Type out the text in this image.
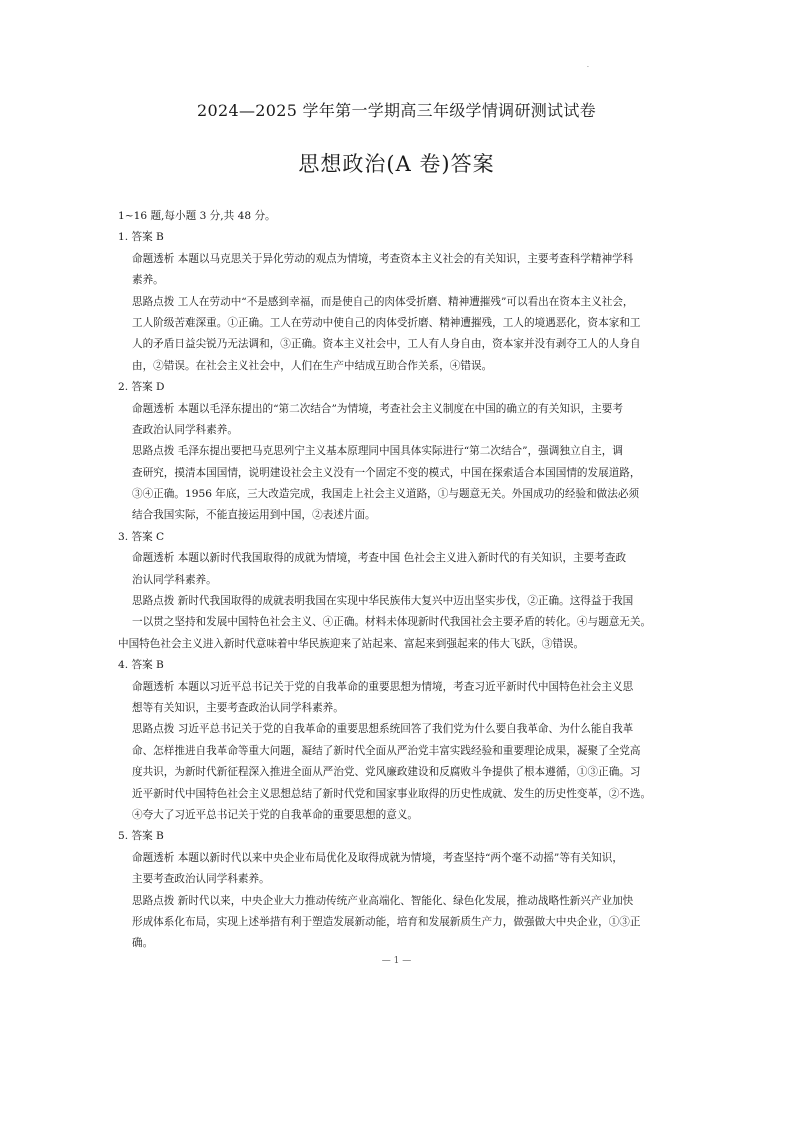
·
2024—2025 学年第一学期高三年级学情调研测试试卷
思想政治(A 卷)答案
1~16 题,每小题 3 分,共 48 分。
1. 答案 B
命题透析 本题以马克思关于异化劳动的观点为情境，考查资本主义社会的有关知识，主要考查科学精神学科
素养。
思路点拨 工人在劳动中“不是感到幸福，而是使自己的肉体受折磨、精神遭摧残”可以看出在资本主义社会，
工人阶级苦难深重。①正确。工人在劳动中使自己的肉体受折磨、精神遭摧残，工人的境遇恶化，资本家和工
人的矛盾日益尖锐乃无法调和，③正确。资本主义社会中，工人有人身自由，资本家并没有剥夺工人的人身自
由，②错误。在社会主义社会中，人们在生产中结成互助合作关系，④错误。
2. 答案 D
命题透析 本题以毛泽东提出的“第二次结合”为情境，考查社会主义制度在中国的确立的有关知识，主要考
查政治认同学科素养。
思路点拨 毛泽东提出要把马克思列宁主义基本原理同中国具体实际进行“第二次结合”，强调独立自主，调
查研究，摸清本国国情，说明建设社会主义没有一个固定不变的模式，中国在探索适合本国国情的发展道路，
③④正确。1956 年底，三大改造完成，我国走上社会主义道路，①与题意无关。外国成功的经验和做法必须
结合我国实际，不能直接运用到中国，②表述片面。
3. 答案 C
命题透析 本题以新时代我国取得的成就为情境，考查中国 色社会主义进入新时代的有关知识，主要考查政
治认同学科素养。
思路点拨 新时代我国取得的成就表明我国在实现中华民族伟大复兴中迈出坚实步伐，②正确。这得益于我国
一以贯之坚持和发展中国特色社会主义、④正确。材料未体现新时代我国社会主要矛盾的转化。④与题意无关。
中国特色社会主义进入新时代意味着中华民族迎来了站起来、富起来到强起来的伟大飞跃，③错误。
4. 答案 B
命题透析 本题以习近平总书记关于党的自我革命的重要思想为情境，考查习近平新时代中国特色社会主义思
想等有关知识，主要考查政治认同学科素养。
思路点拨 习近平总书记关于党的自我革命的重要思想系统回答了我们党为什么要自我革命、为什么能自我革
命、怎样推进自我革命等重大问题，凝结了新时代全面从严治党丰富实践经验和重要理论成果，凝聚了全党高
度共识，为新时代新征程深入推进全面从严治党、党风廉政建设和反腐败斗争提供了根本遵循，①③正确。习
近平新时代中国特色社会主义思想总结了新时代党和国家事业取得的历史性成就、发生的历史性变革，②不选。
④夸大了习近平总书记关于党的自我革命的重要思想的意义。
5. 答案 B
命题透析 本题以新时代以来中央企业布局优化及取得成就为情境，考查坚持“两个毫不动摇”等有关知识，
主要考查政治认同学科素养。
思路点拨 新时代以来，中央企业大力推动传统产业高端化、智能化、绿色化发展，推动战略性新兴产业加快
形成体系化布局，实现上述举措有利于塑造发展新动能，培育和发展新质生产力，做强做大中央企业，①③正
确。
— 1 —
